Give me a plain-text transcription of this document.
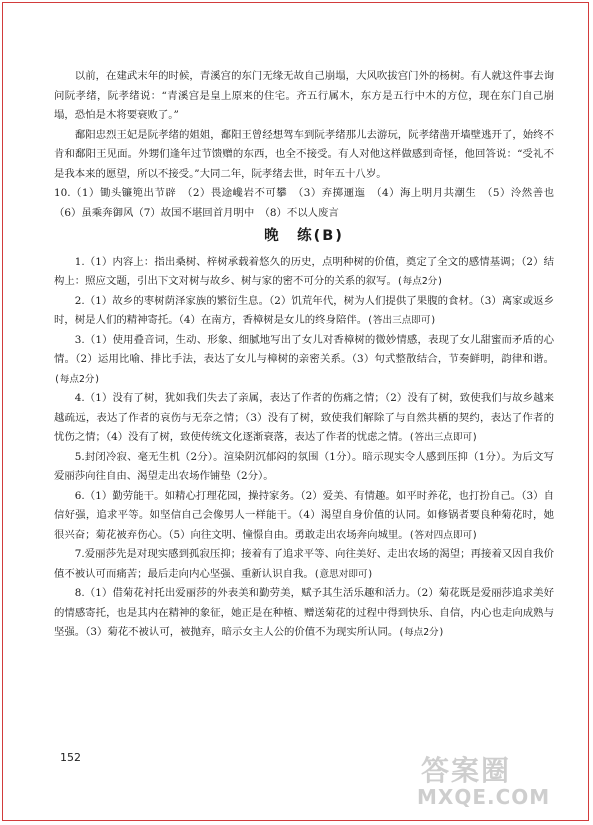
以前，在建武末年的时候，青溪宫的东门无缘无故自己崩塌，大风吹拔宫门外的杨树。有人就这件事去询问阮孝绪，阮孝绪说：“青溪宫是皇上原来的住宅。齐五行属木，东方是五行中木的方位，现在东门自己崩塌，恐怕是木将要衰败了。”

鄱阳忠烈王妃是阮孝绪的姐姐，鄱阳王曾经想驾车到阮孝绪那儿去游玩，阮孝绪凿开墙壁逃开了，始终不肯和鄱阳王见面。外甥们逢年过节馈赠的东西，也全不接受。有人对他这样做感到奇怪，他回答说：“受礼不是我本来的愿望，所以不接受。”大同二年，阮孝绪去世，时年五十八岁。

10.（1）锄头镰篼出节辟　（2）畏途巉岩不可攀　（3）弃掷逦迤　（4）海上明月共潮生　（5）泠然善也　（6）虽乘奔御风（7）故国不堪回首月明中　（8）不以人废言

晚　练(B)

1.（1）内容上：指出桑树、梓树承载着悠久的历史，点明种树的价值，奠定了全文的感情基调；（2）结构上：照应文题，引出下文对树与故乡、树与家的密不可分的关系的叙写。(每点2分)

2.（1）故乡的枣树荫泽家族的繁衍生息。（2）饥荒年代，树为人们提供了果腹的食材。（3）离家或返乡时，树是人们的精神寄托。（4）在南方，香樟树是女儿的终身陪伴。(答出三点即可)

3.（1）使用叠音词，生动、形象、细腻地写出了女儿对香樟树的微妙情感，表现了女儿甜蜜而矛盾的心情。（2）运用比喻、排比手法，表达了女儿与樟树的亲密关系。（3）句式整散结合，节奏鲜明，韵律和谐。(每点2分)

4.（1）没有了树，犹如我们失去了亲属，表达了作者的伤痛之情；（2）没有了树，致使我们与故乡越来越疏远，表达了作者的哀伤与无奈之情；（3）没有了树，致使我们解除了与自然共栖的契约，表达了作者的忧伤之情；（4）没有了树，致使传统文化逐渐衰落，表达了作者的忧虑之情。(答出三点即可)

5.封闭冷寂、毫无生机（2分）。渲染阴沉郁闷的氛围（1分）。暗示现实令人感到压抑（1分）。为后文写爱丽莎向往自由、渴望走出农场作铺垫（2分）。

6.（1）勤劳能干。如精心打理花园，操持家务。（2）爱美、有情趣。如平时养花，也打扮自己。（3）自信好强，追求平等。如坚信自己会像男人一样能干。（4）渴望自身价值的认同。如修锅者要良种菊花时，她很兴奋；菊花被弃伤心。（5）向往文明、憧憬自由。勇敢走出农场奔向城里。(答对四点即可)

7.爱丽莎先是对现实感到孤寂压抑；接着有了追求平等、向往美好、走出农场的渴望；再接着又因自我价值不被认可而痛苦；最后走向内心坚强、重新认识自我。(意思对即可)

8.（1）借菊花衬托出爱丽莎的外表美和勤劳美，赋予其生活乐趣和活力。（2）菊花既是爱丽莎追求美好的情感寄托，也是其内在精神的象征，她正是在种植、赠送菊花的过程中得到快乐、自信，内心也走向成熟与坚强。（3）菊花不被认可，被抛弃，暗示女主人公的价值不为现实所认同。(每点2分)

152	答案圈
MXQE.COM
